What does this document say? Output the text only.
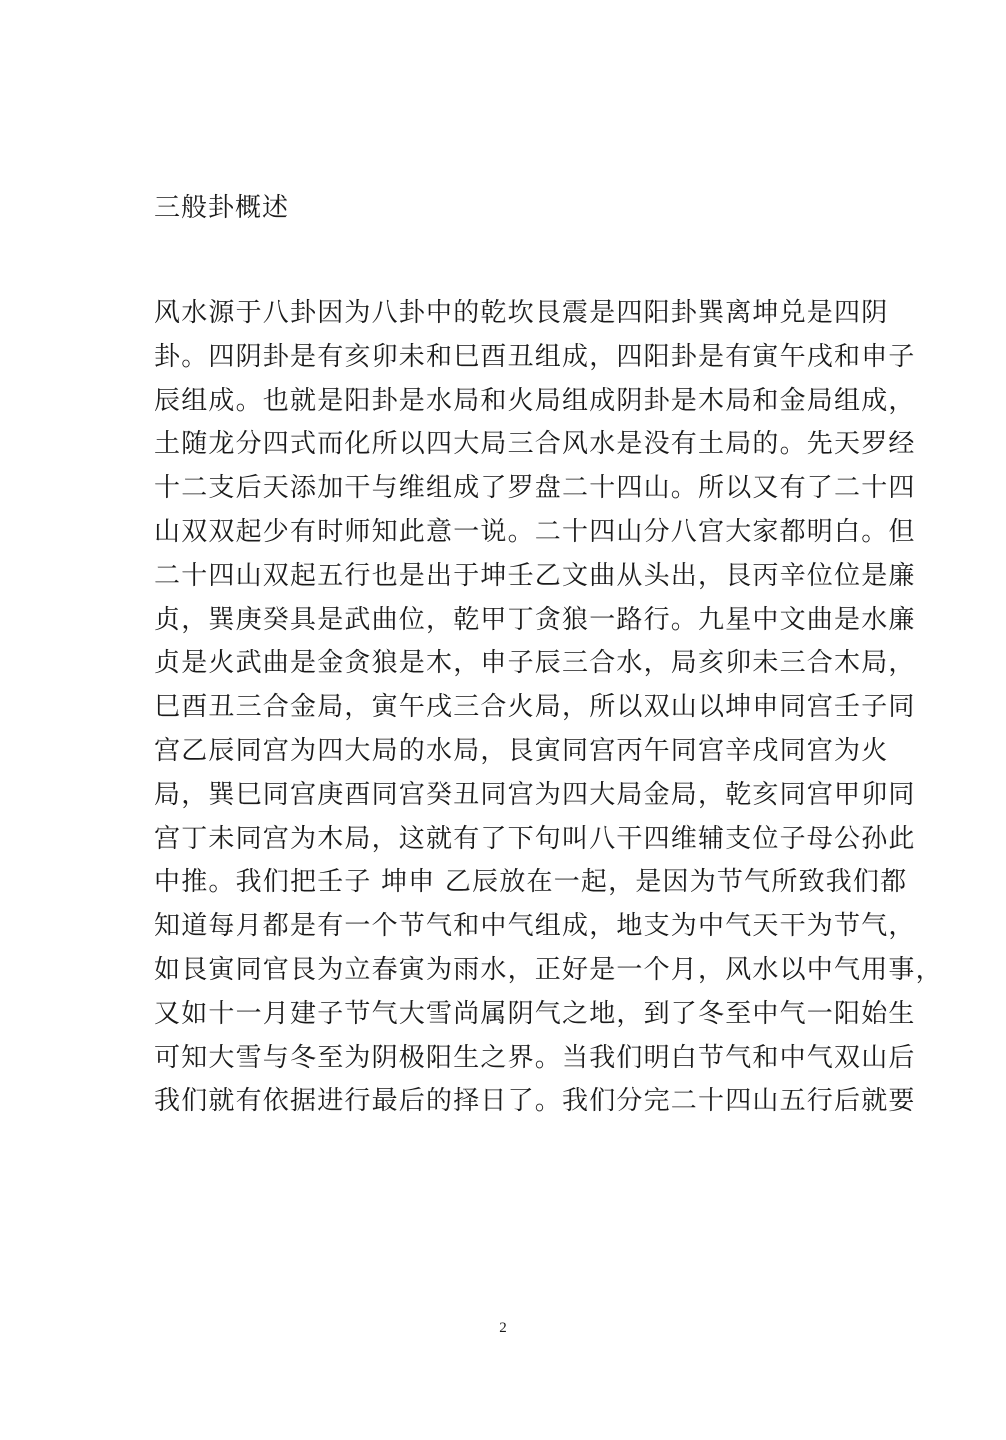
三般卦概述
风水源于八卦因为八卦中的乾坎艮震是四阳卦巽离坤兑是四阴
卦。四阴卦是有亥卯未和巳酉丑组成，四阳卦是有寅午戌和申子
辰组成。也就是阳卦是水局和火局组成阴卦是木局和金局组成，
土随龙分四式而化所以四大局三合风水是没有土局的。先天罗经
十二支后天添加干与维组成了罗盘二十四山。所以又有了二十四
山双双起少有时师知此意一说。二十四山分八宫大家都明白。但
二十四山双起五行也是出于坤壬乙文曲从头出，艮丙辛位位是廉
贞，巽庚癸具是武曲位，乾甲丁贪狼一路行。九星中文曲是水廉
贞是火武曲是金贪狼是木，申子辰三合水，局亥卯未三合木局，
巳酉丑三合金局，寅午戌三合火局，所以双山以坤申同宫壬子同
宫乙辰同宫为四大局的水局，艮寅同宫丙午同宫辛戌同宫为火
局，巽巳同宫庚酉同宫癸丑同宫为四大局金局，乾亥同宫甲卯同
宫丁未同宫为木局，这就有了下句叫八干四维辅支位子母公孙此
中推。我们把壬子 坤申 乙辰放在一起，是因为节气所致我们都
知道每月都是有一个节气和中气组成，地支为中气天干为节气，
如艮寅同官艮为立春寅为雨水，正好是一个月，风水以中气用事，
又如十一月建子节气大雪尚属阴气之地，到了冬至中气一阳始生
可知大雪与冬至为阴极阳生之界。当我们明白节气和中气双山后
我们就有依据进行最后的择日了。我们分完二十四山五行后就要
2
